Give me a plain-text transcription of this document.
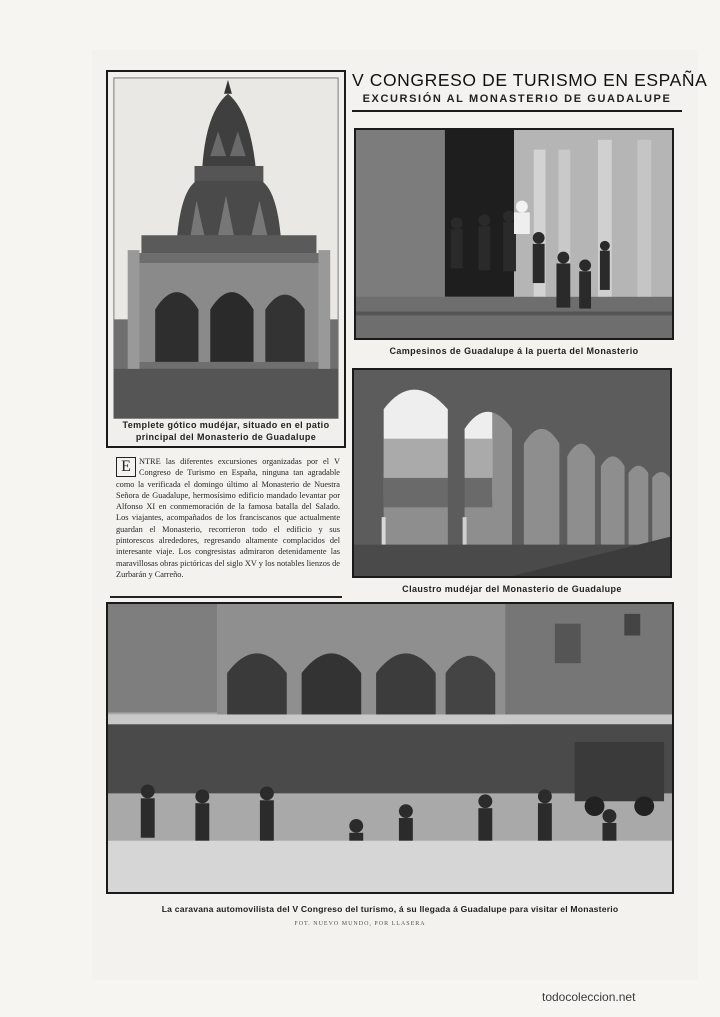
V CONGRESO DE TURISMO EN ESPAÑA
EXCURSIÓN AL MONASTERIO DE GUADALUPE
Templete gótico mudéjar, situado en el patio
principal del Monasterio de Guadalupe
Campesinos de Guadalupe á la puerta del Monasterio
Claustro mudéjar del Monasterio de Guadalupe
E NTRE las diferentes excursiones organizadas por el V Congreso de Turismo en España, ninguna tan agradable como la verificada el domingo último al Monasterio de Nuestra Señora de Guadalupe, hermosísimo edificio mandado levantar por Alfonso XI en conmemoración de la famosa batalla del Salado. Los viajantes, acompañados de los franciscanos que actualmente guardan el Monasterio, recorrieron todo el edificio y sus pintorescos alrededores, regresando altamente complacidos del interesante viaje. Los congresistas admiraron detenidamente las maravillosas obras pictóricas del siglo XV y los notables lienzos de Zurbarán y Carreño.
La caravana automovilista del V Congreso del turismo, á su llegada á Guadalupe para visitar el Monasterio
FOT. NUEVO MUNDO, POR LLASERA
todocoleccion.net
